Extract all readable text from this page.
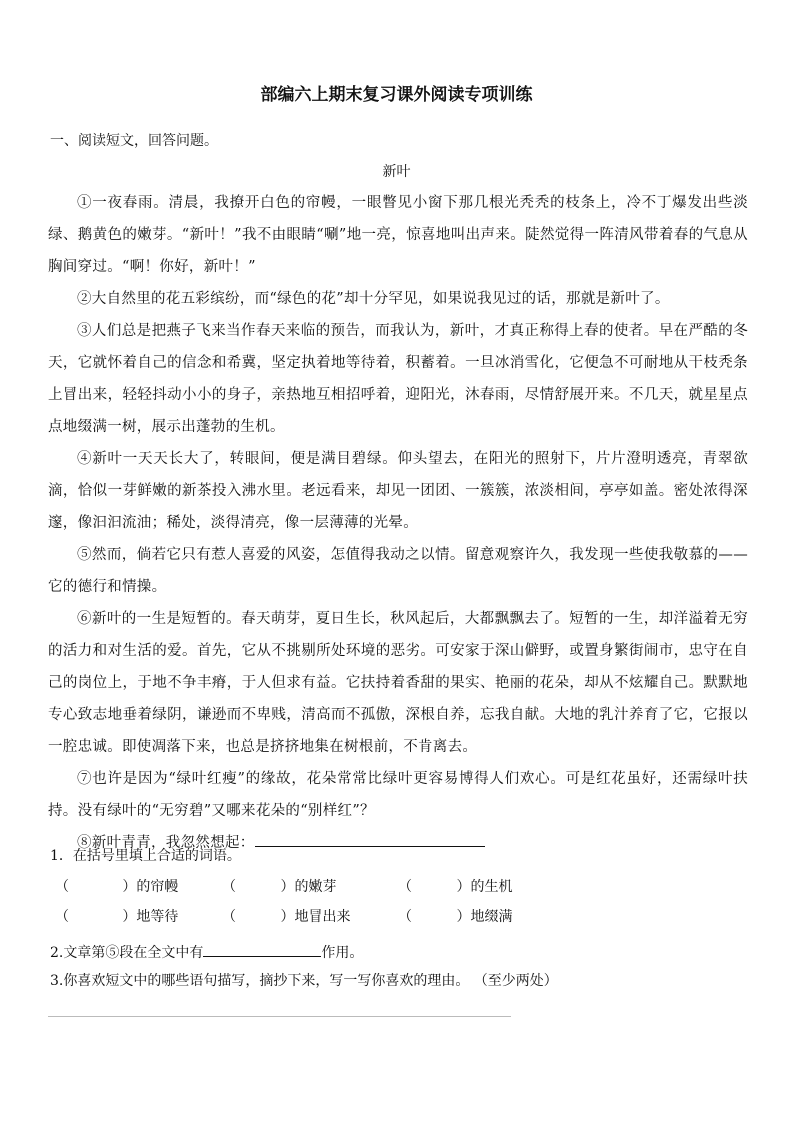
部编六上期末复习课外阅读专项训练
一、阅读短文，回答问题。
新叶

①一夜春雨。清晨，我撩开白色的帘幔，一眼瞥见小窗下那几根光秃秃的枝条上，冷不丁爆发出些淡绿、鹅黄色的嫩芽。“新叶！”我不由眼睛“唰”地一亮，惊喜地叫出声来。陡然觉得一阵清风带着春的气息从胸间穿过。“啊！你好，新叶！”

②大自然里的花五彩缤纷，而“绿色的花”却十分罕见，如果说我见过的话，那就是新叶了。

③人们总是把燕子飞来当作春天来临的预告，而我认为，新叶，才真正称得上春的使者。早在严酷的冬天，它就怀着自己的信念和希冀，坚定执着地等待着，积蓄着。一旦冰消雪化，它便急不可耐地从干枝秃条上冒出来，轻轻抖动小小的身子，亲热地互相招呼着，迎阳光，沐春雨，尽情舒展开来。不几天，就星星点点地缀满一树，展示出蓬勃的生机。

④新叶一天天长大了，转眼间，便是满目碧绿。仰头望去，在阳光的照射下，片片澄明透亮，青翠欲滴，恰似一芽鲜嫩的新茶投入沸水里。老远看来，却见一团团、一簇簇，浓淡相间，亭亭如盖。密处浓得深邃，像汩汩流油；稀处，淡得清亮，像一层薄薄的光晕。

⑤然而，倘若它只有惹人喜爱的风姿，怎值得我动之以情。留意观察许久，我发现一些使我敬慕的——它的德行和情操。

⑥新叶的一生是短暂的。春天萌芽，夏日生长，秋风起后，大都飘飘去了。短暂的一生，却洋溢着无穷的活力和对生活的爱。首先，它从不挑剔所处环境的恶劣。可安家于深山僻野，或置身繁街闹市，忠守在自己的岗位上，于地不争丰瘠，于人但求有益。它扶持着香甜的果实、艳丽的花朵，却从不炫耀自己。默默地专心致志地垂着绿阴，谦逊而不卑贱，清高而不孤傲，深根自养，忘我自献。大地的乳汁养育了它，它报以一腔忠诚。即使凋落下来，也总是挤挤地集在树根前，不肯离去。

⑦也许是因为“绿叶红瘦”的缘故，花朵常常比绿叶更容易博得人们欢心。可是红花虽好，还需绿叶扶持。没有绿叶的“无穷碧”又哪来花朵的“别样红”？

⑧新叶青青，我忽然想起：

1．在括号里填上合适的词语。
（            ）的帘幔	（          ）的嫩芽	（          ）的生机
（            ）地等待	（          ）地冒出来	（          ）地缀满
2.文章第⑤段在全文中有	作用。
3.你喜欢短文中的哪些语句描写，摘抄下来，写一写你喜欢的理由。 （至少两处）
